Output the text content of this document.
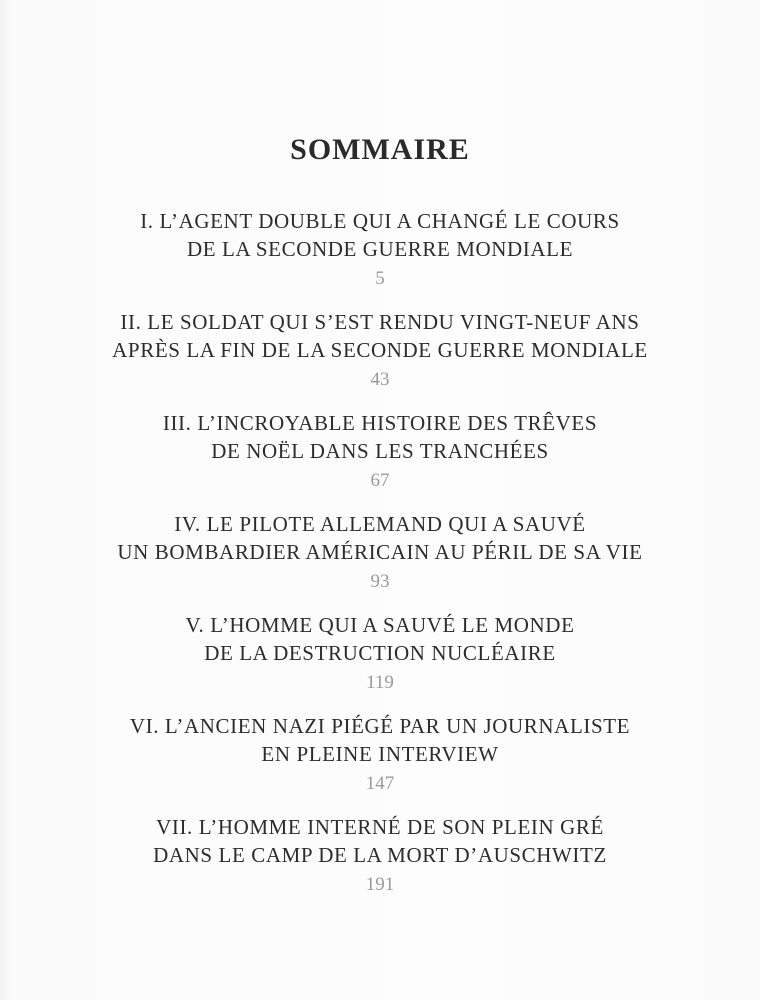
SOMMAIRE
I. L’AGENT DOUBLE QUI A CHANGÉ LE COURS
DE LA SECONDE GUERRE MONDIALE
5
II. LE SOLDAT QUI S’EST RENDU VINGT-NEUF ANS
APRÈS LA FIN DE LA SECONDE GUERRE MONDIALE
43
III. L’INCROYABLE HISTOIRE DES TRÊVES
DE NOËL DANS LES TRANCHÉES
67
IV. LE PILOTE ALLEMAND QUI A SAUVÉ
UN BOMBARDIER AMÉRICAIN AU PÉRIL DE SA VIE
93
V. L’HOMME QUI A SAUVÉ LE MONDE
DE LA DESTRUCTION NUCLÉAIRE
119
VI. L’ANCIEN NAZI PIÉGÉ PAR UN JOURNALISTE
EN PLEINE INTERVIEW
147
VII. L’HOMME INTERNÉ DE SON PLEIN GRÉ
DANS LE CAMP DE LA MORT D’AUSCHWITZ
191
